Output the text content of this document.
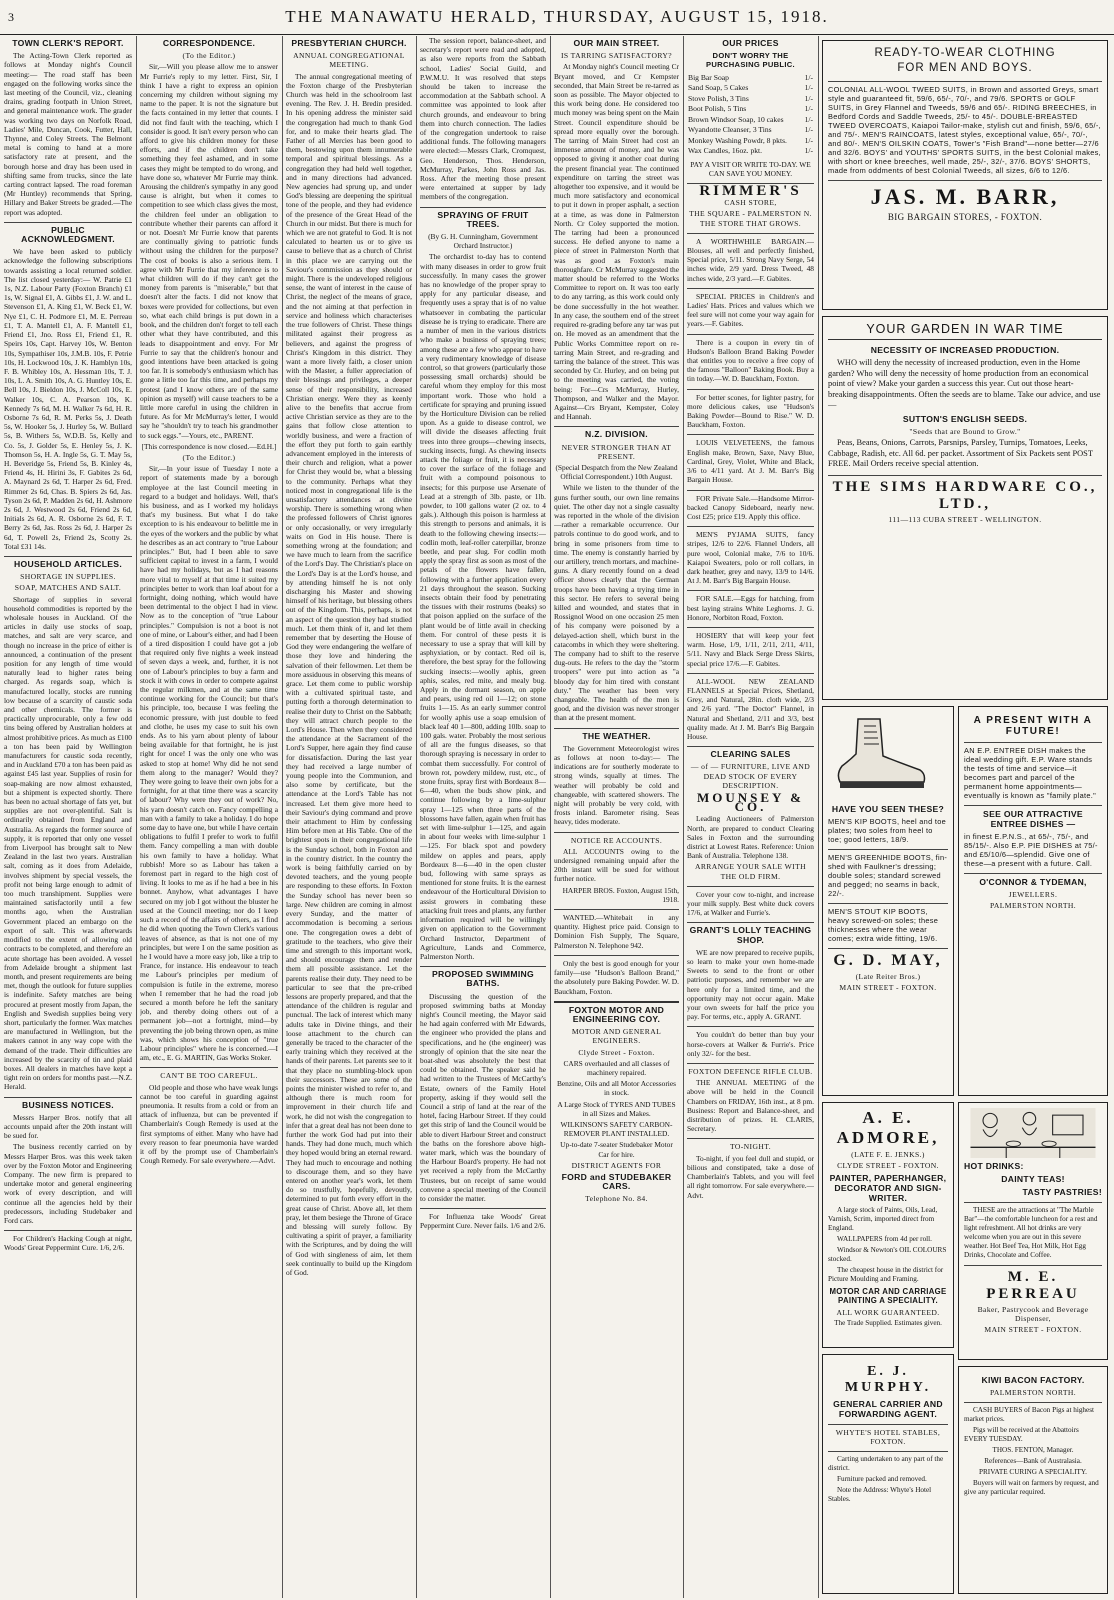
3	THE MANAWATU HERALD, THURSDAY, AUGUST 15, 1918.
TOWN CLERK'S REPORT.

The Acting-Town Clerk reported as follows at Monday night's Council meeting:— The road staff has been engaged on the following works since the last meeting of the Council, viz., cleaning drains, grading footpath in Union Street, and general maintenance work. The grader was working two days on Norfolk Road, Ladies' Mile, Duncan, Cook, Futter, Hall, Thynne, and Coley Streets. The Belmont metal is coming to hand at a more satisfactory rate at present, and the borough horse and dray has been used in shifting same from trucks, since the late carting contract lapsed. The road foreman (Mr Huntley) recommends that Spring, Hillary and Baker Streets be graded.—The report was adopted.

PUBLIC ACKNOWLEDGMENT.

We have been asked to publicly acknowledge the following subscriptions towards assisting a local returned soldier. The list closed yesterday:— W. Patrie £1 1s, N.Z. Labour Party (Foxton Branch) £1 1s, W. Signal £1, A. Gibbs £1, J. W. and L. Stevenson £1, A. King £1, W. Beck £1, W. Nye £1, C. H. Podmore £1, M. E. Perreau £1, T. A. Mantell £1, A. F. Mantell £1, Friend £1, Jno. Ross £1, Friend £1, R. Speirs 10s, Capt. Harvey 10s, W. Benton 10s, Sympathiser 10s, J.M.B. 10s, F. Petrie 10s, H. Lockwood 10s, J. K. Hamblyn 10s, F. B. Whibley 10s, A. Hessman 10s, T. J. 10s, L. A. Smith 10s, A. G. Huntley 10s, E. Bell 10s, J. Bieldon 10s, J. McColl 10s, E. Walker 10s, C. A. Pearson 10s, K. Kennedy 7s 6d, M. H. Walker 7s 6d, H. R. Osborne 7s 6d, R. M. Perks 5s, J. Death 5s, W. Hooker 5s, J. Hurley 5s, W. Bullard 5s, B. Withers 5s, W.D.B. 5s, Kelly and Co. 5s, J. Golder 5s, E. Henley 5s, J. K. Thomson 5s, H. A. Ingle 5s, G. T. May 5s, H. Beveridge 5s, Friend 5s, B. Kinley 4s, Friend 4s, H. Hirini 3s, F. Gabites 2s 6d, A. Maynard 2s 6d, T. Harper 2s 6d, Fred. Rimmer 2s 6d, Chas. B. Spiers 2s 6d, Jas. Tyson 2s 6d, P. Madden 2s 6d, H. Ashmore 2s 6d, J. Westwood 2s 6d, Friend 2s 6d, Initials 2s 6d, A. R. Osborne 2s 6d, F. T. Berry 2s 6d, Jas. Ross 2s 6d, J. Harper 2s 6d, T. Powell 2s, Friend 2s, Scotty 2s. Total £31 14s.

HOUSEHOLD ARTICLES.
SHORTAGE IN SUPPLIES.
SOAP, MATCHES AND SALT.

Shortage of supplies in several household commodities is reported by the wholesale houses in Auckland. Of the articles in daily use stocks of soap, matches, and salt are very scarce, and though no increase in the price of either is announced, a continuation of the present position for any length of time would naturally lead to higher rates being charged. As regards soap, which is manufactured locally, stocks are running low because of a scarcity of caustic soda and other chemicals. The former is practically unprocurable, only a few odd tins being offered by Australian holders at almost prohibitive prices. As much as £100 a ton has been paid by Wellington manufacturers for caustic soda recently, and in Auckland £70 a ton has been paid as against £45 last year. Supplies of rosin for soap-making are now almost exhausted, but a shipment is expected shortly. There has been no actual shortage of fats yet, but supplies are not over-plentiful. Salt is ordinarily obtained from England and Australia. As regards the former source of supply, it is reported that only one vessel from Liverpool has brought salt to New Zealand in the last two years. Australian salt, coming as it does from Adelaide, involves shipment by special vessels, the profit not being large enough to admit of too much transhipment. Supplies were maintained satisfactorily until a few months ago, when the Australian Government placed an embargo on the export of salt. This was afterwards modified to the extent of allowing old contracts to be completed, and therefore an acute shortage has been avoided. A vessel from Adelaide brought a shipment last month, and present requirements are being met, though the outlook for future supplies is indefinite. Safety matches are being procured at present mostly from Japan, the English and Swedish supplies being very short, particularly the former. Wax matches are manufactured in Wellington, but the makers cannot in any way cope with the demand of the trade. Their difficulties are increased by the scarcity of tin and plaid boxes. All dealers in matches have kept a tight rein on orders for months past.—N.Z. Herald.

BUSINESS NOTICES.

Messrs Harper Bros. notify that all accounts unpaid after the 20th instant will be sued for.

The business recently carried on by Messrs Harper Bros. was this week taken over by the Foxton Motor and Engineering Company. The new firm is prepared to undertake motor and general engineering work of every description, and will continue all the agencies held by their predecessors, including Studebaker and Ford cars.

For Children's Hacking Cough at night, Woods' Great Peppermint Cure. 1/6, 2/6.

CORRESPONDENCE.
(To the Editor.)

Sir,—Will you please allow me to answer Mr Furrie's reply to my letter. First, Sir, I think I have a right to express an opinion concerning my children without signing my name to the paper. It is not the signature but the facts contained in my letter that counts. I did not find fault with the teaching, which I consider is good. It isn't every person who can afford to give his children money for these efforts, and if the children don't take something they feel ashamed, and in some cases they might be tempted to do wrong, and have done so, whatever Mr Furrie may think. Arousing the children's sympathy in any good cause is alright, but when it comes to competition to see which class gives the most, the children feel under an obligation to contribute whether their parents can afford it or not. Doesn't Mr Furrie know that parents are continually giving to patriotic funds without using the children for the purpose? The cost of books is also a serious item. I agree with Mr Furrie that my inference is to what children will do if they can't get the money from parents is "miserable," but that doesn't alter the facts. I did not know that boxes were provided for collections, but even so, what each child brings is put down in a book, and the children don't forget to tell each other what they have contributed, and this leads to disappointment and envy. For Mr Furrie to say that the children's honour and good intentions have been attacked is going too far. It is somebody's enthusiasm which has gone a little too far this time, and perhaps my protest (and I know others are of the same opinion as myself) will cause teachers to be a little more careful in using the children in future. As for Mr McMurray's letter, I would say he "shouldn't try to teach his grandmother to suck eggs."—Yours, etc., PARENT.

[This correspondence is now closed.—Ed.H.]

(To the Editor.)

Sir,—In your issue of Tuesday I note a report of statements made by a borough employee at the last Council meeting in regard to a budget and holidays. Well, that's his business, and as I worked my holidays that's my business. But what I do take exception to is his endeavour to belittle me in the eyes of the workers and the public by what he describes as an act contrary to "true Labour principles." But, had I been able to save sufficient capital to invest in a farm, I would have had my holidays, but as I had reasons more vital to myself at that time it suited my principles better to work than loaf about for a fortnight, doing nothing, which would have been detrimental to the object I had in view. Now as to the conception of "true Labour principles." Compulsion is not a boot is not one of mine, or Labour's either, and had I been of a tired disposition I could have got a job that required only five nights a week instead of seven days a week, and, further, it is not one of Labour's principles to buy a farm and stock it with cows in order to compete against the regular milkmen, and at the same time continue working for the Council; but that's his principle, too, because I was feeling the economic pressure, with just double to feed and clothe, he uses my case to suit his own ends. As to his yarn about plenty of labour being available for that fortnight, he is just right for once! I was the only one who was asked to stop at home! Why did he not send them along to the manager? Would they? They were going to leave their own jobs for a fortnight, for at that time there was a scarcity of labour? Why were they out of work? No, his yarn doesn't catch on. Fancy compelling a man with a family to take a holiday. I do hope some day to have one, but while I have certain obligations to fulfil I prefer to work to fulfil them. Fancy compelling a man with double his own family to have a holiday. What rubbish! More so as Labour has taken a foremost part in regard to the high cost of living. It looks to me as if he had a bee in his bonnet. Anyhow, what advantages I have secured on my job I got without the bluster he used at the Council meeting; nor do I keep such a record of the affairs of others, as I find he did when quoting the Town Clerk's various leaves of absence, as that is not one of my principles, but were I on the same position as he I would have a more easy job, like a trip to France, for instance. His endeavour to teach me Labour's principles per medium of compulsion is futile in the extreme, moreso when I remember that he had the road job secured a month before he left the sanitary job, and thereby doing others out of a permanent job—not a fortnight, mind—by preventing the job being thrown open, as mine was, which shows his conception of "true Labour principles" where he is concerned.—I am, etc., E. G. MARTIN, Gas Works Stoker.

CAN'T BE TOO CAREFUL.

Old people and those who have weak lungs cannot be too careful in guarding against pneumonia. It results from a cold or from an attack of influenza, but can be prevented if Chamberlain's Cough Remedy is used at the first symptoms of either. Many who have had every reason to fear pneumonia have warded it off by the prompt use of Chamberlain's Cough Remedy. For sale everywhere.—Advt.

PRESBYTERIAN CHURCH.
ANNUAL CONGREGATIONAL MEETING.

The annual congregational meeting of the Foxton charge of the Presbyterian Church was held in the schoolroom last evening. The Rev. J. H. Bredin presided. In his opening address the minister said the congregation had much to thank God for, and to make their hearts glad. The Father of all Mercies has been good to them, bestowing upon them innumerable temporal and spiritual blessings. As a congregation they had held well together, and in many directions had advanced. New agencies had sprung up, and under God's blessing are deepening the spiritual tone of the people, and they had evidence of the presence of the Great Head of the Church in our midst. But there is much for which we are not grateful to God. It is not calculated to hearten us or to give us cause to believe that as a church of Christ in this place we are carrying out the Saviour's commission as they should or might. There is the undeveloped religious sense, the want of interest in the cause of Christ, the neglect of the means of grace, and the not aiming at that perfection in service and holiness which characterises the true followers of Christ. These things militated against their progress as believers, and against the progress of Christ's Kingdom in this district. They want a more lively faith, a closer union with the Master, a fuller appreciation of their blessings and privileges, a deeper sense of their responsibility, increased Christian energy. Were they as keenly alive to the benefits that accrue from active Christian service as they are to the gains that follow close attention to worldly business, and were a fraction of the effort they put forth to gain earthly advancement employed in the interests of their church and religion, what a power for Christ they would be, what a blessing to the community. Perhaps what they noticed most in congregational life is the unsatisfactory attendances at divine worship. There is something wrong when the professed followers of Christ ignores or only occasionally, or very irregularly waits on God in His house. There is something wrong at the foundation; and we have much to learn from the sacrifice of the Lord's Day. The Christian's place on the Lord's Day is at the Lord's house, and by attending himself he is not only discharging his Master and showing himself of his heritage, but blessing others out of the Kingdom. This, perhaps, is not an aspect of the question they had studied much. Let them think of it, and let them remember that by deserting the House of God they were endangering the welfare of those they love and hindering the salvation of their fellowmen. Let them be more assiduous in observing this means of grace. Let them come to public worship with a cultivated spiritual taste, and putting forth a thorough determination to realise their duty to Christ on the Sabbath; they will attract church people to the Lord's House. Then when they considered the attendance at the Sacrament of the Lord's Supper, here again they find cause for dissatisfaction. During the last year they had received a large number of young people into the Communion, and also some by certificate, but the attendance at the Lord's Table has not increased. Let them give more heed to their Saviour's dying command and prove their attachment to Him by confessing Him before men at His Table. One of the brightest spots in their congregational life is the Sunday school, both in Foxton and in the country district. In the country the work is being faithfully carried on by devoted teachers, and the young people are responding to these efforts. In Foxton the Sunday school has never been so large. New children are coming in almost every Sunday, and the matter of accommodation is becoming a serious one. The congregation owes a debt of gratitude to the teachers, who give their time and strength to this important work, and should encourage them and render them all possible assistance. Let the parents realise their duty. They need to be particular to see that the pre-cribed lessons are properly prepared, and that the attendance of the children is regular and punctual. The lack of interest which many adults take in Divine things, and their loose attachment to the church can generally be traced to the character of the early training which they received at the hands of their parents. Let parents see to it that they place no stumbling-block upon their successors. These are some of the points the minister wished to refer to, and although there is much room for improvement in their church life and work, he did not wish the congregation to infer that a great deal has not been done to further the work God had put into their hands. They had done much, much which they hoped would bring an eternal reward. They had much to encourage and nothing to discourage them, and so they have entered on another year's work, let them do so trustfully, hopefully, devoutly, determined to put forth every effort in the great cause of Christ. Above all, let them pray, let them besiege the Throne of Grace and blessing will surely follow. By cultivating a spirit of prayer, a familiarity with the Scriptures, and by doing the will of God with singleness of aim, let them seek continually to build up the Kingdom of God.

The session report, balance-sheet, and secretary's report were read and adopted, as also were reports from the Sabbath school, Ladies' Social Guild, and P.W.M.U. It was resolved that steps should be taken to increase the accommodation at the Sabbath school. A committee was appointed to look after church grounds, and endeavour to bring them into church connection. The ladies of the congregation undertook to raise additional funds. The following managers were elected:—Messrs Clark, Cromquest, Geo. Henderson, Thos. Henderson, McMurray, Parkes, John Ross and Jas. Ross. After the meeting those present were entertained at supper by lady members of the congregation.

SPRAYING OF FRUIT TREES.

(By G. H. Cunningham, Government Orchard Instructor.)

The orchardist to-day has to contend with many diseases in order to grow fruit successfully. In many cases the grower has no knowledge of the proper spray to apply for any particular disease, and frequently uses a spray that is of no value whatsoever in combating the particular disease he is trying to eradicate. There are a number of men in the various districts who make a business of spraying trees; among these are a few who appear to have a very rudimentary knowledge of disease control, so that growers (particularly those possessing small orchards) should be careful whom they employ for this most important work. Those who hold a certificate for spraying and pruning issued by the Horticulture Division can be relied upon. As a guide to disease control, we will divide the diseases affecting fruit trees into three groups—chewing insects, sucking insects, fungi. As chewing insects attack the foliage or fruit, it is necessary to cover the surface of the foliage and fruit with a compound poisonous to insects; for this purpose use Arsenate of Lead at a strength of 3lb. paste, or 1lb. powder, to 100 gallons water (2 oz. to 4 gals.). Although this poison is harmless at this strength to persons and animals, it is death to the following chewing insects:—codlin moth, leaf-roller caterpillar, bronze beetle, and pear slug. For codlin moth apply the spray first as soon as most of the petals of the flowers have fallen, following with a further application every 21 days throughout the season. Sucking insects obtain their food by penetrating the tissues with their rostrums (beaks) so that poison applied on the surface of the plant would be of little avail in checking them. For control of these pests it is necessary to use a spray that will kill by asphyxiation, or by contact. Red oil is, therefore, the best spray for the following sucking insects:—woolly aphis, green aphis, scales, red mite, and mealy bug. Apply in the dormant season, on apple and pears, using red oil 1—12; on stone fruits 1—15. As an early summer control for woolly aphis use a soap emulsion of black leaf 40 1—800, adding 10lb. soap to 100 gals. water. Probably the most serious of all are the fungus diseases, so that thorough spraying is necessary in order to combat them successfully. For control of brown rot, powdery mildew, rust, etc., of stone fruits, spray first with Bordeaux 8—6—40, when the buds show pink, and continue following by a lime-sulphur spray 1—125 when three parts of the blossoms have fallen, again when fruit has set with lime-sulphur 1—125, and again in about four weeks with lime-sulphur 1—125. For black spot and powdery mildew on apples and pears, apply Bordeaux 8—6—40 in the open cluster bud, following with same sprays as mentioned for stone fruits. It is the earnest endeavour of the Horticultural Division to assist growers in combating these attacking fruit trees and plants, any further information required will be willingly given on application to the Government Orchard Instructor, Department of Agriculture, Lands and Commerce, Palmerston North.

PROPOSED SWIMMING BATHS.

Discussing the question of the proposed swimming baths at Monday night's Council meeting, the Mayor said he had again conferred with Mr Edwards, the engineer who provided the plans and specifications, and he (the engineer) was strongly of opinion that the site near the boat-shed was absolutely the best that could be obtained. The speaker said he had written to the Trustees of McCarthy's Estate, owners of the Family Hotel property, asking if they would sell the Council a strip of land at the rear of the hotel, facing Harbour Street. If they could get this strip of land the Council would be able to divert Harbour Street and construct the baths on the foreshore above high-water mark, which was the boundary of the Harbour Board's property. He had not yet received a reply from the McCarthy Trustees, but on receipt of same would convene a special meeting of the Council to consider the matter.

For Influenza take Woods' Great Peppermint Cure. Never fails. 1/6 and 2/6.

OUR MAIN STREET.
IS TARRING SATISFACTORY?

At Monday night's Council meeting Cr Bryant moved, and Cr Kempster seconded, that Main Street be re-tarred as soon as possible. The Mayor objected to this work being done. He considered too much money was being spent on the Main Street. Council expenditure should be spread more equally over the borough. The tarring of Main Street had cost an immense amount of money, and he was opposed to giving it another coat during the present financial year. The continued expenditure on tarring the street was altogether too expensive, and it would be much more satisfactory and economical to put it down in proper asphalt, a section at a time, as was done in Palmerston North. Cr Coley supported the motion. The tarring had been a pronounced success. He defied anyone to name a piece of street in Palmerston North that was as good as Foxton's main thoroughfare. Cr McMurray suggested the matter should be referred to the Works Committee to report on. It was too early to do any tarring, as this work could only be done successfully in the hot weather. In any case, the southern end of the street required re-grading before any tar was put on. He moved as an amendment that the Public Works Committee report on re-tarring Main Street, and re-grading and tarring the balance of the street. This was seconded by Cr. Hurley, and on being put to the meeting was carried, the voting being: For—Crs McMurray, Hurley, Thompson, and Walker and the Mayor. Against—Crs Bryant, Kempster, Coley and Hannah.

N.Z. DIVISION.
NEVER STRONGER THAN AT PRESENT.

(Special Despatch from the New Zealand Official Correspondent.) 10th August.

While we listen to the thunder of the guns further south, our own line remains quiet. The other day not a single casualty was reported in the whole of the division—rather a remarkable occurrence. Our patrols continue to do good work, and to bring in some prisoners from time to time. The enemy is constantly harried by our artillery, trench mortars, and machine-guns. A diary recently found on a dead officer shows clearly that the German troops have been having a trying time in this sector. He refers to several being killed and wounded, and states that in Rossignol Wood on one occasion 25 men of his company were poisoned by a delayed-action shell, which burst in the catacombs in which they were sheltering. The company had to shift to the reserve dug-outs. He refers to the day the "storm troopers" were put into action as "a bloody day for him tired with constant duty." The weather has been very changeable. The health of the men is good, and the division was never stronger than at the present moment.

THE WEATHER.

The Government Meteorologist wires as follows at noon to-day:— The indications are for southerly moderate to strong winds, squally at times. The weather will probably be cold and changeable, with scattered showers. The night will probably be very cold, with frosts inland. Barometer rising. Seas heavy, tides moderate.

NOTICE RE ACCOUNTS.

ALL ACCOUNTS owing to the undersigned remaining unpaid after the 20th instant will be sued for without further notice.

HARPER BROS. Foxton, August 15th, 1918.

WANTED.—Whitebait in any quantity. Highest price paid. Consign to Dominion Fish Supply, The Square, Palmerston N. Telephone 942.

Only the best is good enough for your family—use "Hudson's Balloon Brand," the absolutely pure Baking Powder. W. D. Bauckham, Foxton.

FOXTON MOTOR AND
ENGINEERING COY.
MOTOR AND GENERAL ENGINEERS.
Clyde Street - Foxton.

CARS overhauled and all classes of machinery repaired.

Benzine, Oils and all Motor Accessories in stock.

A Large Stock of TYRES AND TUBES in all Sizes and Makes.

WILKINSON'S SAFETY CARBON-REMOVER PLANT INSTALLED.

Up-to-date 7-seater Studebaker Motor Car for hire.

DISTRICT AGENTS FOR
FORD and STUDEBAKER CARS.
Telephone No. 84.
OUR PRICES
DON'T WORRY THE PURCHASING PUBLIC.
Big Bar Soap	1/-
Sand Soap, 5 Cakes	1/-
Stove Polish, 3 Tins	1/-
Boot Polish, 5 Tins	1/-
Brown Windsor Soap, 10 cakes	1/-
Wyandotte Cleanser, 3 Tins	1/-
Monkey Washing Powdr, 8 pkts. 1/-
Wax Candles, 16oz. pkt.	1/-

PAY A VISIT OR WRITE TO-DAY. WE CAN SAVE YOU MONEY.

RIMMER'S
CASH STORE,
THE SQUARE - PALMERSTON N. THE STORE THAT GROWS.

A WORTHWHILE BARGAIN.—Blouses, all well and perfectly finished, Special price, 5/11. Strong Navy Serge, 54 inches wide, 2/9 yard. Dress Tweed, 48 inches wide, 2/3 yard.—F. Gabites.

SPECIAL PRICES in Children's and Ladies' Hats. Prices and values which we feel sure will not come your way again for years.—F. Gabites.

There is a coupon in every tin of Hudson's Balloon Brand Baking Powder that entitles you to receive a free copy of the famous "Balloon" Baking Book. Buy a tin today.—W. D. Bauckham, Foxton.

For better scones, for lighter pastry, for more delicious cakes, use "Hudson's Baking Powder—Bound to Rise." W. D. Bauckham, Foxton.

LOUIS VELVETEENS, the famous English make, Brown, Saxe, Navy Blue, Cardinal, Grey, Violet, White and Black, 3/6 to 4/11 yard. At J. M. Barr's Big Bargain House.

FOR Private Sale.—Handsome Mirror-backed Canopy Sideboard, nearly new. Cost £25; price £19. Apply this office.

MEN'S PYJAMA SUITS, fancy stripes, 12/6 to 22/6. Flannel Unders, all pure wool, Colonial make, 7/6 to 10/6. Kaiapoi Sweaters, polo or roll collars, in dark heather, grey and navy, 13/9 to 14/6. At J. M. Barr's Big Bargain House.

FOR SALE.—Eggs for hatching, from best laying strains White Leghorns. J. G. Honore, Norbiton Road, Foxton.

HOSIERY that will keep your feet warm. Hose, 1/9, 1/11, 2/11, 2/11, 4/11, 5/11. Navy and Black Serge Dress Skirts, special price 17/6.—F. Gabites.

ALL-WOOL NEW ZEALAND FLANNELS at Special Prices, Shetland, Grey, and Natural, 28in. cloth wide, 2/3 and 2/6 yard. "The Doctor" Flannel, in Natural and Shetland, 2/11 and 3/3, best quality made. At J. M. Barr's Big Bargain House.

CLEARING SALES
— of — FURNITURE, LIVE AND DEAD STOCK OF EVERY DESCRIPTION.
MOUNSEY & CO.

Leading Auctioneers of Palmerston North, are prepared to conduct Clearing Sales in Foxton and the surrounding district at Lowest Rates. Reference: Union Bank of Australia. Telephone 138.

ARRANGE YOUR SALE WITH THE OLD FIRM.

Cover your cow to-night, and increase your milk supply. Best white duck covers 17/6, at Walker and Furrie's.

GRANT'S LOLLY TEACHING SHOP.

WE are now prepared to receive pupils, so learn to make your own home-made Sweets to send to the front or other patriotic purposes, and remember we are here only for a limited time, and the opportunity may not occur again. Make your own sweets for half the price you pay. For terms, etc., apply A. GRANT.

You couldn't do better than buy your horse-covers at Walker & Furrie's. Price only 32/- for the best.

FOXTON DEFENCE RIFLE CLUB.

THE ANNUAL MEETING of the above will be held in the Council Chambers on FRIDAY, 16th inst., at 8 pm. Business: Report and Balance-sheet, and distribution of prizes. H. CLARIS, Secretary.

TO-NIGHT.

To-night, if you feel dull and stupid, or bilious and constipated, take a dose of Chamberlain's Tablets, and you will feel all right tomorrow. For sale everywhere.—Advt.

READY-TO-WEAR CLOTHING
FOR MEN AND BOYS.

COLONIAL ALL-WOOL TWEED SUITS, in Brown and assorted Greys, smart style and guaranteed fit, 59/6, 65/-, 70/-, and 79/6. SPORTS or GOLF SUITS, in Grey Flannel and Tweeds, 59/6 and 65/-. RIDING BREECHES, in Bedford Cords and Saddle Tweeds, 25/- to 45/-. DOUBLE-BREASTED TWEED OVERCOATS, Kaiapoi Tailor-make, stylish cut and finish, 59/6, 65/-, and 75/-. MEN'S RAINCOATS, latest styles, exceptional value, 65/-, 70/-, and 80/-. MEN'S OILSKIN COATS, Tower's "Fish Brand"—none better—27/6 and 32/6. BOYS' and YOUTHS' SPORTS SUITS, in the best Colonial makes, with short or knee breeches, well made, 25/-, 32/-, 37/6. BOYS' SHORTS, made from oddments of best Colonial Tweeds, all sizes, 6/6 to 12/6.

JAS. M. BARR,
BIG BARGAIN STORES, - FOXTON.
YOUR GARDEN IN WAR TIME
NECESSITY OF INCREASED PRODUCTION.

WHO will deny the necessity of increased production, even in the Home garden? Who will deny the necessity of home production from an economical point of view? Make your garden a success this year. Cut out those heart-breaking disappointments. Often the seeds are to blame. Take our advice, and use—

SUTTON'S ENGLISH SEEDS.
"Seeds that are Bound to Grow."

Peas, Beans, Onions, Carrots, Parsnips, Parsley, Turnips, Tomatoes, Leeks, Cabbage, Radish, etc. All 6d. per packet. Assortment of Six Packets sent POST FREE. Mail Orders receive special attention.

THE SIMS HARDWARE CO., LTD.,
111—113 CUBA STREET - WELLINGTON.
HAVE YOU SEEN THESE?

MEN'S KIP BOOTS, heel and toe plates; two soles from heel to toe; good letters, 18/9.

MEN'S GREENHIDE BOOTS, fin-shed with Faulkner's dressing; double soles; standard screwed and pegged; no seams in back, 22/-.

MEN'S STOUT KIP BOOTS, heavy screwed-on soles; these thicknesses where the wear comes; extra wide fitting, 19/6.

G. D. MAY,
(Late Reiter Bros.)
MAIN STREET - FOXTON.
A PRESENT WITH A FUTURE!

AN E.P. ENTREE DISH makes the ideal wedding gift. E.P. Ware stands the tests of time and service—it becomes part and parcel of the permanent home appointments—eventually is known as "family plate."

SEE OUR ATTRACTIVE ENTREE DISHES —

in finest E.P.N.S., at 65/-, 75/-, and 85/15/-. Also E.P. PIE DISHES at 75/- and £5/10/6—splendid. Give one of these—a present with a future. Call.

O'CONNOR & TYDEMAN,
JEWELLERS.
PALMERSTON NORTH.
A. E. ADMORE,
(LATE F. E. JENKS.)
CLYDE STREET - FOXTON.
PAINTER, PAPERHANGER, DECORATOR AND SIGN-WRITER.

A large stock of Paints, Oils, Lead, Varnish, Scrim, imported direct from England.

WALLPAPERS from 4d per roll.

Windsor & Newton's OIL COLOURS stocked.

The cheapest house in the district for Picture Moulding and Framing.

MOTOR CAR AND CARRIAGE PAINTING A SPECIALITY.
ALL WORK GUARANTEED.

The Trade Supplied. Estimates given.

HOT DRINKS:
DAINTY TEAS!
TASTY PASTRIES!

THESE are the attractions at "The Marble Bar"—the comfortable luncheon for a rest and light refreshment. All hot drinks are very welcome when you are out in this severe weather. Hot Beef Tea, Hot Milk, Hot Egg Drinks, Chocolate and Coffee.

M. E. PERREAU
Baker, Pastrycook and Beverage Dispenser,
MAIN STREET - FOXTON.
E. J. MURPHY.
GENERAL CARRIER AND FORWARDING AGENT.
WHYTE'S HOTEL STABLES, FOXTON.

Carting undertaken to any part of the district.

Furniture packed and removed.

Note the Address: Whyte's Hotel Stables.

KIWI BACON FACTORY.
PALMERSTON NORTH.

CASH BUYERS of Bacon Pigs at highest market prices.

Pigs will be received at the Abattoirs EVERY TUESDAY.

THOS. FENTON, Manager.

References—Bank of Australasia.

PRIVATE CURING A SPECIALITY.

Buyers will wait on farmers by request, and give any particular required.
